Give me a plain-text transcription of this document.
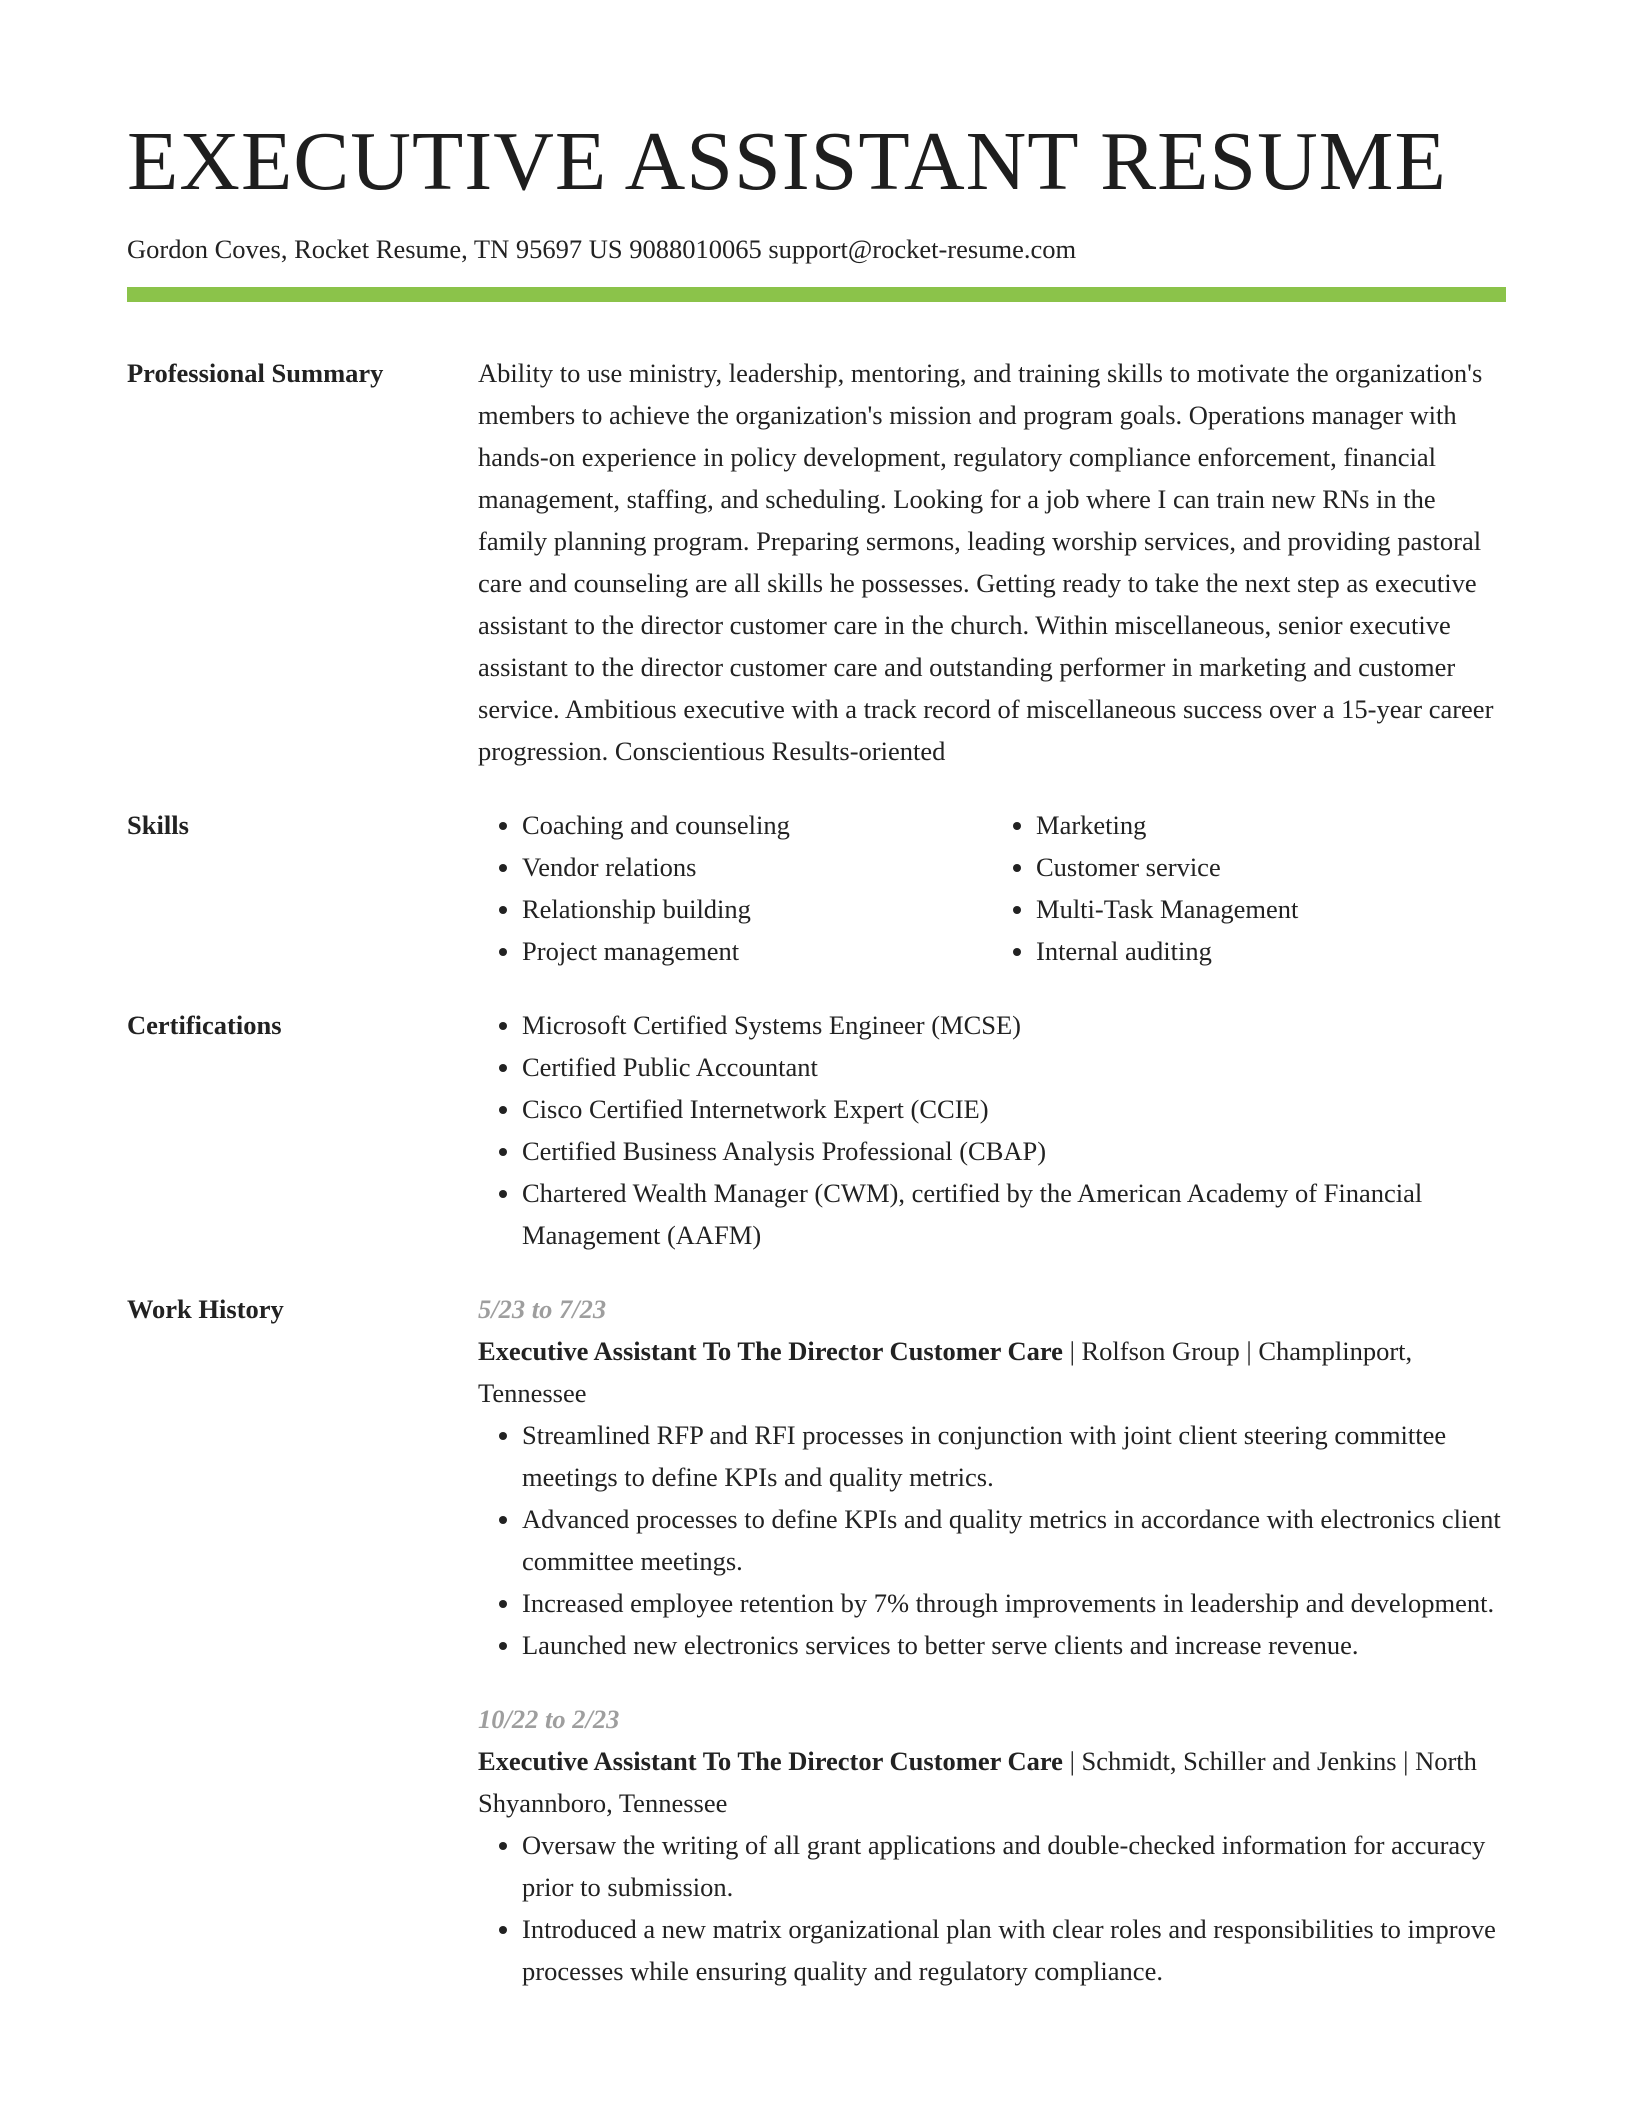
EXECUTIVE ASSISTANT RESUME
Gordon Coves, Rocket Resume, TN 95697 US 9088010065 support@rocket-resume.com
Professional Summary	Ability to use ministry, leadership, mentoring, and training skills to motivate the organization's members to achieve the organization's mission and program goals. Operations manager with hands-on experience in policy development, regulatory compliance enforcement, financial management, staffing, and scheduling. Looking for a job where I can train new RNs in the family planning program. Preparing sermons, leading worship services, and providing pastoral care and counseling are all skills he possesses. Getting ready to take the next step as executive assistant to the director customer care in the church. Within miscellaneous, senior executive assistant to the director customer care and outstanding performer in marketing and customer service. Ambitious executive with a track record of miscellaneous success over a 15-year career progression. Conscientious Results-oriented
Skills	• Coaching and counseling
• Vendor relations
• Relationship building
• Project management
• Marketing
• Customer service
• Multi-Task Management
• Internal auditing
Certifications	• Microsoft Certified Systems Engineer (MCSE)
• Certified Public Accountant
• Cisco Certified Internetwork Expert (CCIE)
• Certified Business Analysis Professional (CBAP)
• Chartered Wealth Manager (CWM), certified by the American Academy of Financial Management (AAFM)
Work History	5/23 to 7/23
Executive Assistant To The Director Customer Care | Rolfson Group | Champlinport, Tennessee
• Streamlined RFP and RFI processes in conjunction with joint client steering committee meetings to define KPIs and quality metrics.
• Advanced processes to define KPIs and quality metrics in accordance with electronics client committee meetings.
• Increased employee retention by 7% through improvements in leadership and development.
• Launched new electronics services to better serve clients and increase revenue.
10/22 to 2/23
Executive Assistant To The Director Customer Care | Schmidt, Schiller and Jenkins | North Shyannboro, Tennessee
• Oversaw the writing of all grant applications and double-checked information for accuracy prior to submission.
• Introduced a new matrix organizational plan with clear roles and responsibilities to improve processes while ensuring quality and regulatory compliance.
